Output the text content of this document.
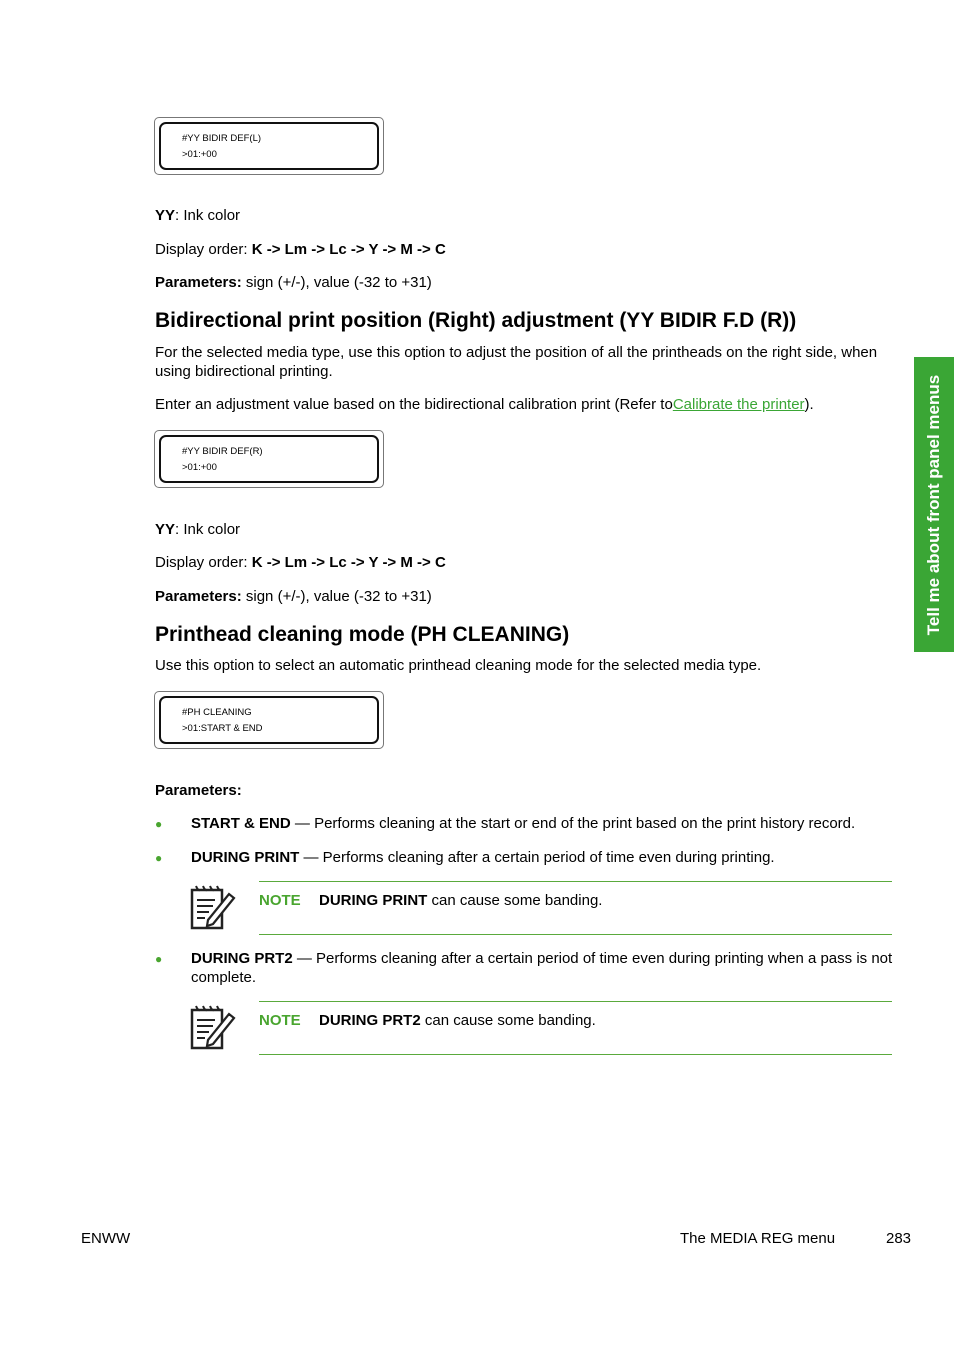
Tell me about front panel menus
#YY BIDIR DEF(L)
>01:+00
YY: Ink color
Display order: K -> Lm -> Lc -> Y -> M -> C
Parameters: sign (+/-), value (-32 to +31)
Bidirectional print position (Right) adjustment (YY BIDIR F.D (R))
For the selected media type, use this option to adjust the position of all the printheads on the right side, when using bidirectional printing.
Enter an adjustment value based on the bidirectional calibration print (Refer toCalibrate the printer).
#YY BIDIR DEF(R)
>01:+00
YY: Ink color
Display order: K -> Lm -> Lc -> Y -> M -> C
Parameters: sign (+/-), value (-32 to +31)
Printhead cleaning mode (PH CLEANING)
Use this option to select an automatic printhead cleaning mode for the selected media type.
#PH CLEANING
>01:START & END
Parameters:
● START & END — Performs cleaning at the start or end of the print based on the print history record.
● DURING PRINT — Performs cleaning after a certain period of time even during printing.
NOTE DURING PRINT can cause some banding.
● DURING PRT2 — Performs cleaning after a certain period of time even during printing when a pass is not complete.
NOTE DURING PRT2 can cause some banding.
ENWW	The MEDIA REG menu	283
